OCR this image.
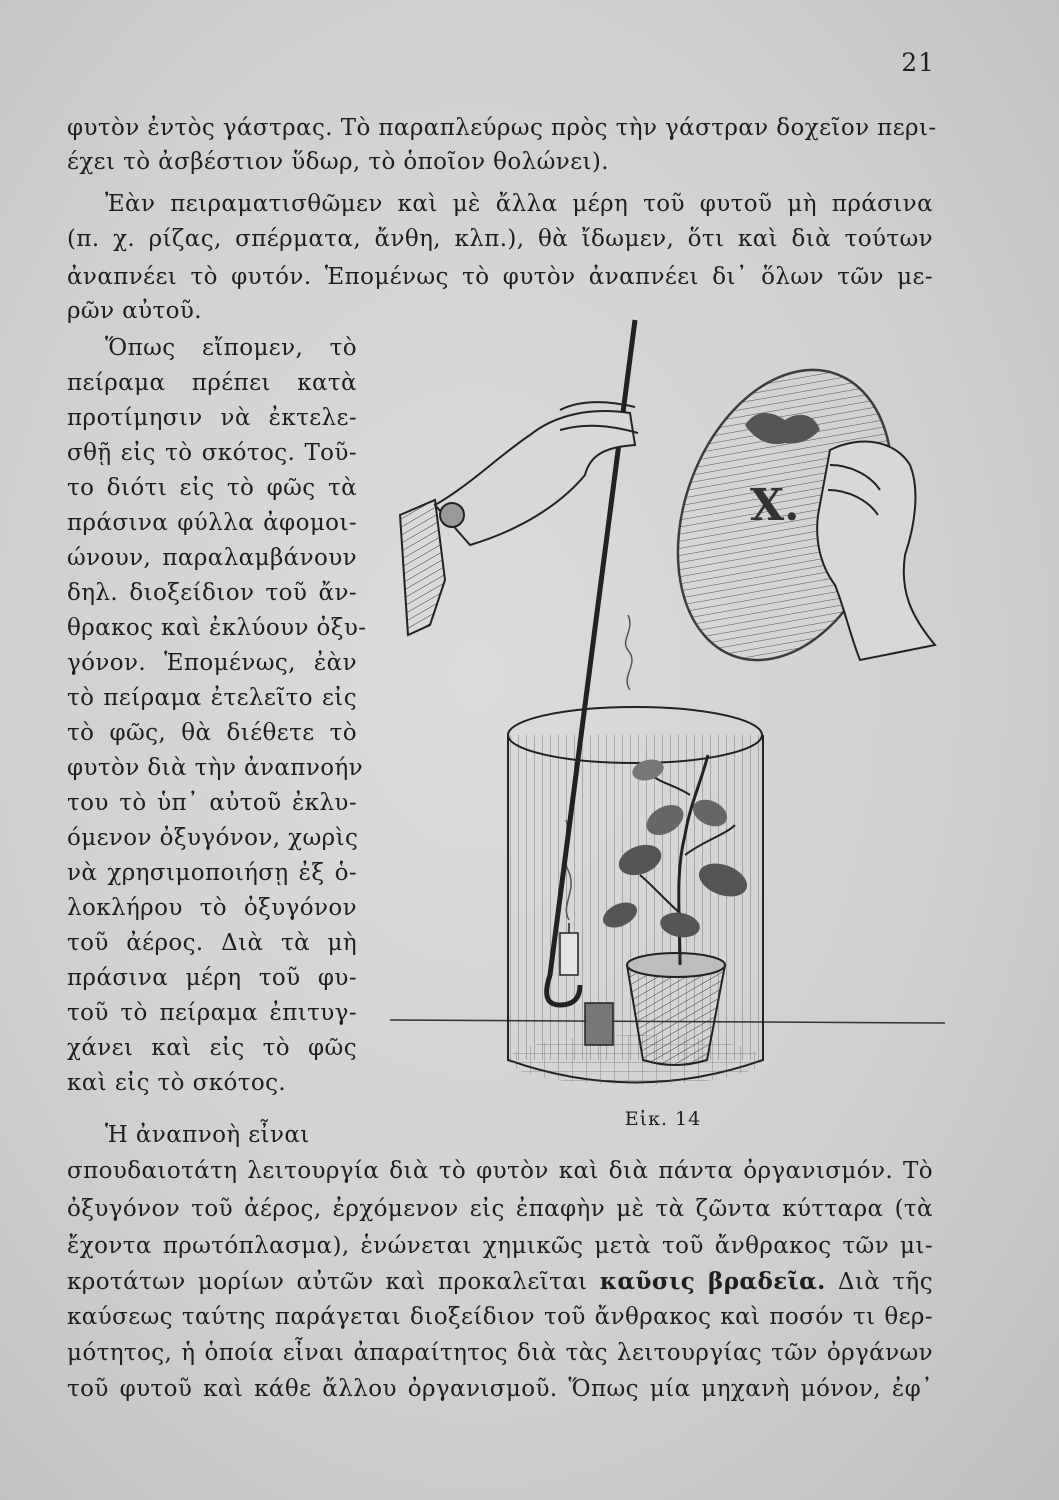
21

φυτὸν ἐντὸς γάστρας. Τὸ παραπλεύρως πρὸς τὴν γάστραν δοχεῖον περι-

έχει τὸ ἀσβέστιον ὕδωρ, τὸ ὁποῖον θολώνει).

Ἐὰν πειραματισθῶμεν καὶ μὲ ἄλλα μέρη τοῦ φυτοῦ μὴ πράσινα

(π. χ. ρίζας, σπέρματα, ἄνθη, κλπ.), θὰ ἴδωμεν, ὅτι καὶ διὰ τούτων

ἀναπνέει τὸ φυτόν. Ἑπομένως τὸ φυτὸν ἀναπνέει δι᾿ ὅλων τῶν με-

ρῶν αὐτοῦ.

Ὅπως εἴπομεν, τὸ

πείραμα πρέπει κατὰ

προτίμησιν νὰ ἐκτελε-

σθῇ εἰς τὸ σκότος. Τοῦ-

το διότι εἰς τὸ φῶς τὰ

πράσινα φύλλα ἀφομοι-

ώνουν, παραλαμβάνουν

δηλ. διοξείδιον τοῦ ἄν-

θρακος καὶ ἐκλύουν ὀξυ-

γόνον. Ἑπομένως, ἐὰν

τὸ πείραμα ἐτελεῖτο εἰς

τὸ φῶς, θὰ διέθετε τὸ

φυτὸν διὰ τὴν ἀναπνοήν

του τὸ ὑπ᾿ αὐτοῦ ἐκλυ-

όμενον ὀξυγόνον, χωρὶς

νὰ χρησιμοποιήσῃ ἐξ ὁ-

λοκλήρου τὸ ὀξυγόνον

τοῦ ἀέρος. Διὰ τὰ μὴ

πράσινα μέρη τοῦ φυ-

τοῦ τὸ πείραμα ἐπιτυγ-

χάνει καὶ εἰς τὸ φῶς

καὶ εἰς τὸ σκότος.

Ἡ ἀναπνοὴ εἶναι

σπουδαιοτάτη λειτουργία διὰ τὸ φυτὸν καὶ διὰ πάντα ὀργανισμόν. Τὸ

ὀξυγόνον τοῦ ἀέρος, ἐρχόμενον εἰς ἐπαφὴν μὲ τὰ ζῶντα κύτταρα (τὰ

ἔχοντα πρωτόπλασμα), ἑνώνεται χημικῶς μετὰ τοῦ ἄνθρακος τῶν μι-

κροτάτων μορίων αὐτῶν καὶ προκαλεῖται καῦσις βραδεῖα. Διὰ τῆς

καύσεως ταύτης παράγεται διοξείδιον τοῦ ἄνθρακος καὶ ποσόν τι θερ-

μότητος, ἡ ὁποία εἶναι ἀπαραίτητος διὰ τὰς λειτουργίας τῶν ὀργάνων

τοῦ φυτοῦ καὶ κάθε ἄλλου ὀργανισμοῦ. Ὅπως μία μηχανὴ μόνον, ἐφ᾿

X.
Εἰκ. 14
